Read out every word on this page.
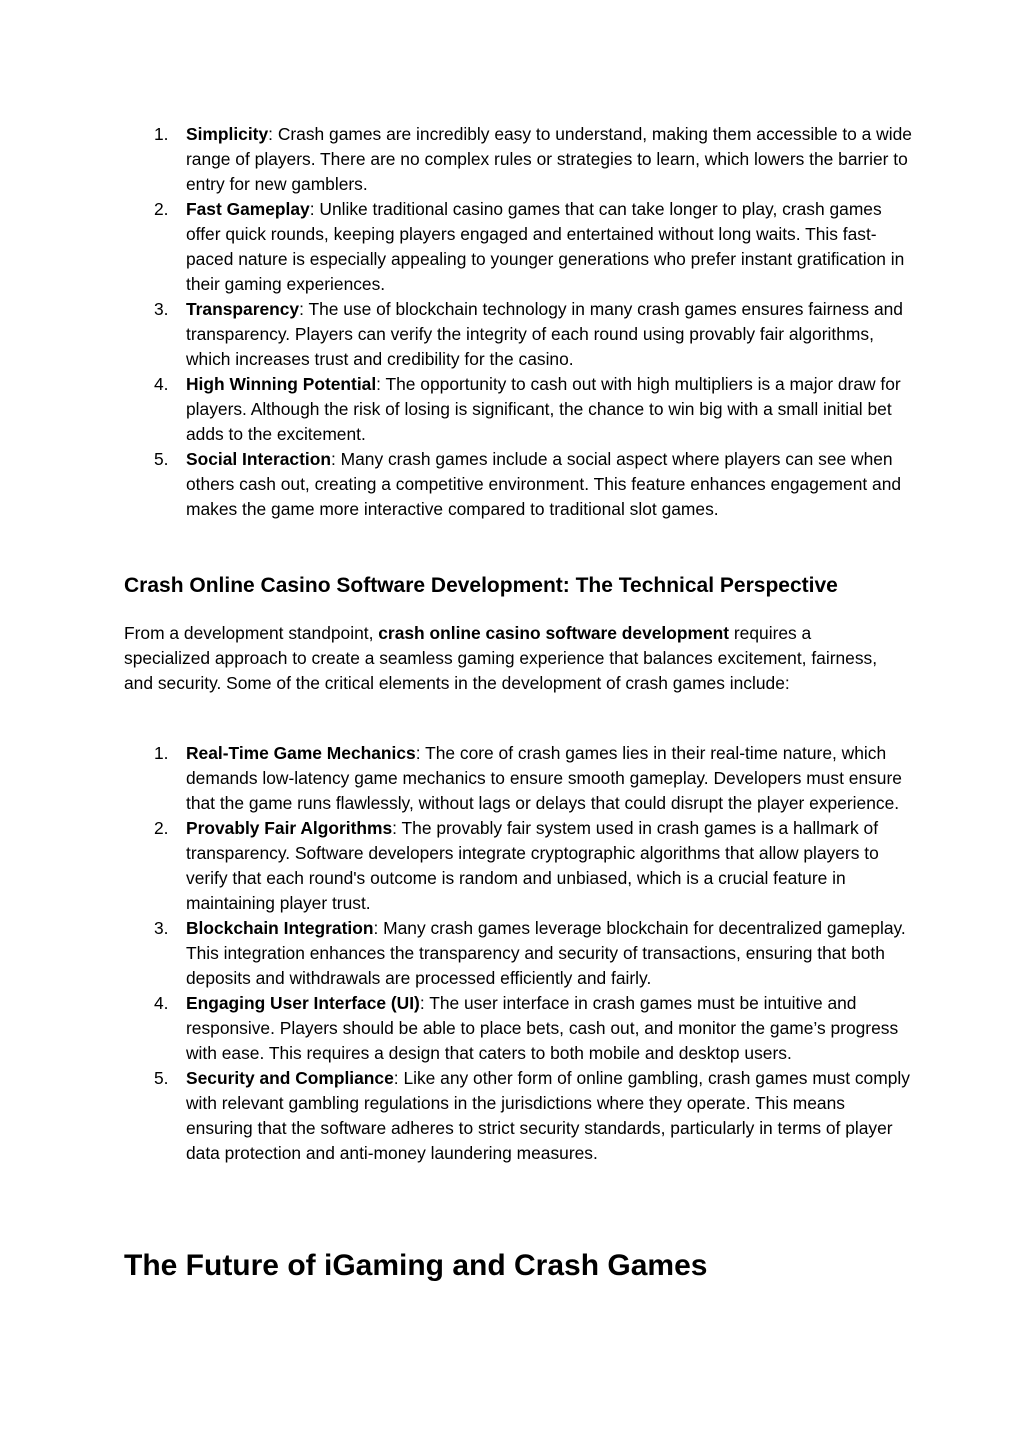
1.	Simplicity: Crash games are incredibly easy to understand, making them accessible to a wide range of players. There are no complex rules or strategies to learn, which lowers the barrier to entry for new gamblers.
2.	Fast Gameplay: Unlike traditional casino games that can take longer to play, crash games offer quick rounds, keeping players engaged and entertained without long waits. This fast-paced nature is especially appealing to younger generations who prefer instant gratification in their gaming experiences.
3.	Transparency: The use of blockchain technology in many crash games ensures fairness and transparency. Players can verify the integrity of each round using provably fair algorithms, which increases trust and credibility for the casino.
4.	High Winning Potential: The opportunity to cash out with high multipliers is a major draw for players. Although the risk of losing is significant, the chance to win big with a small initial bet adds to the excitement.
5.	Social Interaction: Many crash games include a social aspect where players can see when others cash out, creating a competitive environment. This feature enhances engagement and makes the game more interactive compared to traditional slot games.
Crash Online Casino Software Development: The Technical Perspective

From a development standpoint, crash online casino software development requires a specialized approach to create a seamless gaming experience that balances excitement, fairness, and security. Some of the critical elements in the development of crash games include:

1.	Real-Time Game Mechanics: The core of crash games lies in their real-time nature, which demands low-latency game mechanics to ensure smooth gameplay. Developers must ensure that the game runs flawlessly, without lags or delays that could disrupt the player experience.
2.	Provably Fair Algorithms: The provably fair system used in crash games is a hallmark of transparency. Software developers integrate cryptographic algorithms that allow players to verify that each round's outcome is random and unbiased, which is a crucial feature in maintaining player trust.
3.	Blockchain Integration: Many crash games leverage blockchain for decentralized gameplay. This integration enhances the transparency and security of transactions, ensuring that both deposits and withdrawals are processed efficiently and fairly.
4.	Engaging User Interface (UI): The user interface in crash games must be intuitive and responsive. Players should be able to place bets, cash out, and monitor the game’s progress with ease. This requires a design that caters to both mobile and desktop users.
5.	Security and Compliance: Like any other form of online gambling, crash games must comply with relevant gambling regulations in the jurisdictions where they operate. This means ensuring that the software adheres to strict security standards, particularly in terms of player data protection and anti-money laundering measures.
The Future of iGaming and Crash Games
